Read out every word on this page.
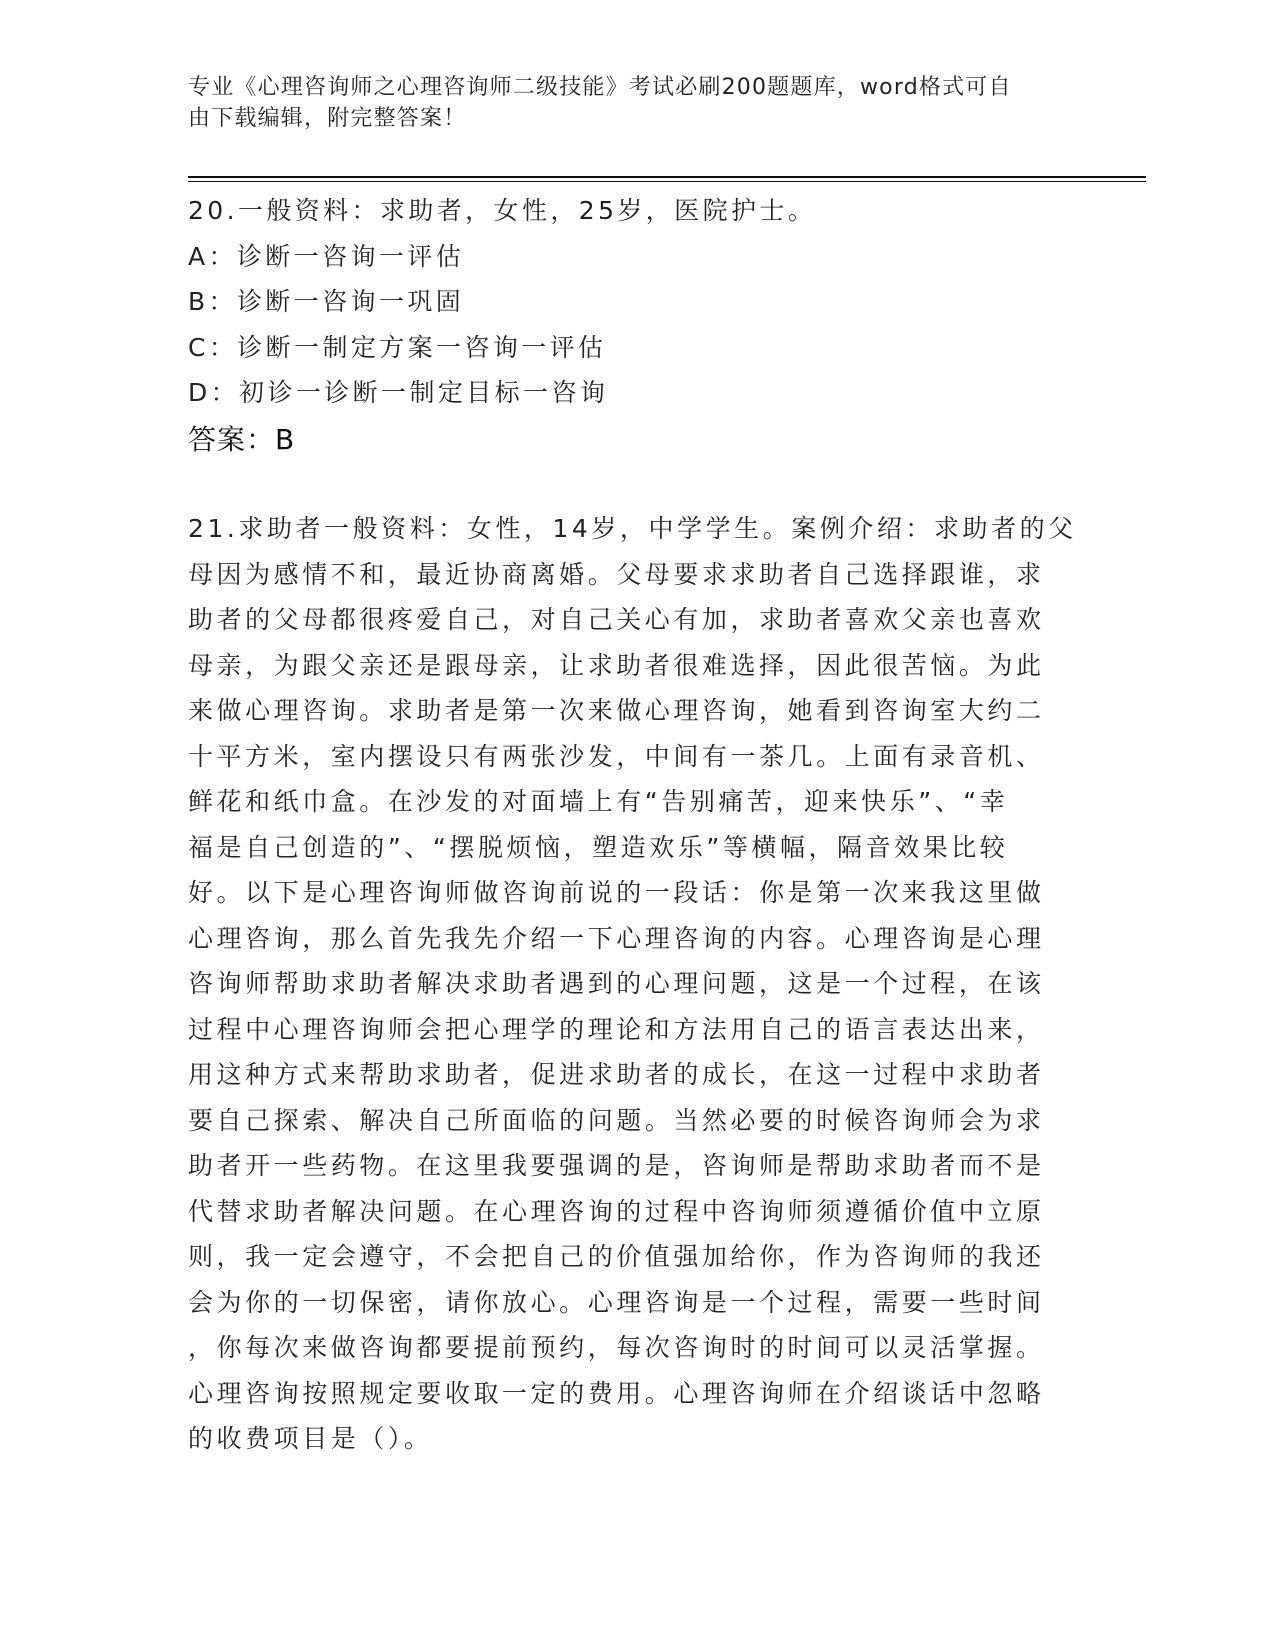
专业《心理咨询师之心理咨询师二级技能》考试必刷200题题库，word格式可自
由下载编辑，附完整答案！
20.一般资料：求助者，女性，25岁，医院护士。
A：诊断一咨询一评估
B：诊断一咨询一巩固
C：诊断一制定方案一咨询一评估
D：初诊一诊断一制定目标一咨询
答案：B
21.求助者一般资料：女性，14岁，中学学生。案例介绍：求助者的父
母因为感情不和，最近协商离婚。父母要求求助者自己选择跟谁，求
助者的父母都很疼爱自己，对自己关心有加，求助者喜欢父亲也喜欢
母亲，为跟父亲还是跟母亲，让求助者很难选择，因此很苦恼。为此
来做心理咨询。求助者是第一次来做心理咨询，她看到咨询室大约二
十平方米，室内摆设只有两张沙发，中间有一茶几。上面有录音机、
鲜花和纸巾盒。在沙发的对面墙上有“告别痛苦，迎来快乐”、“幸
福是自己创造的”、“摆脱烦恼，塑造欢乐”等横幅，隔音效果比较
好。以下是心理咨询师做咨询前说的一段话：你是第一次来我这里做
心理咨询，那么首先我先介绍一下心理咨询的内容。心理咨询是心理
咨询师帮助求助者解决求助者遇到的心理问题，这是一个过程，在该
过程中心理咨询师会把心理学的理论和方法用自己的语言表达出来，
用这种方式来帮助求助者，促进求助者的成长，在这一过程中求助者
要自己探索、解决自己所面临的问题。当然必要的时候咨询师会为求
助者开一些药物。在这里我要强调的是，咨询师是帮助求助者而不是
代替求助者解决问题。在心理咨询的过程中咨询师须遵循价值中立原
则，我一定会遵守，不会把自己的价值强加给你，作为咨询师的我还
会为你的一切保密，请你放心。心理咨询是一个过程，需要一些时间
，你每次来做咨询都要提前预约，每次咨询时的时间可以灵活掌握。
心理咨询按照规定要收取一定的费用。心理咨询师在介绍谈话中忽略
的收费项目是（）。
